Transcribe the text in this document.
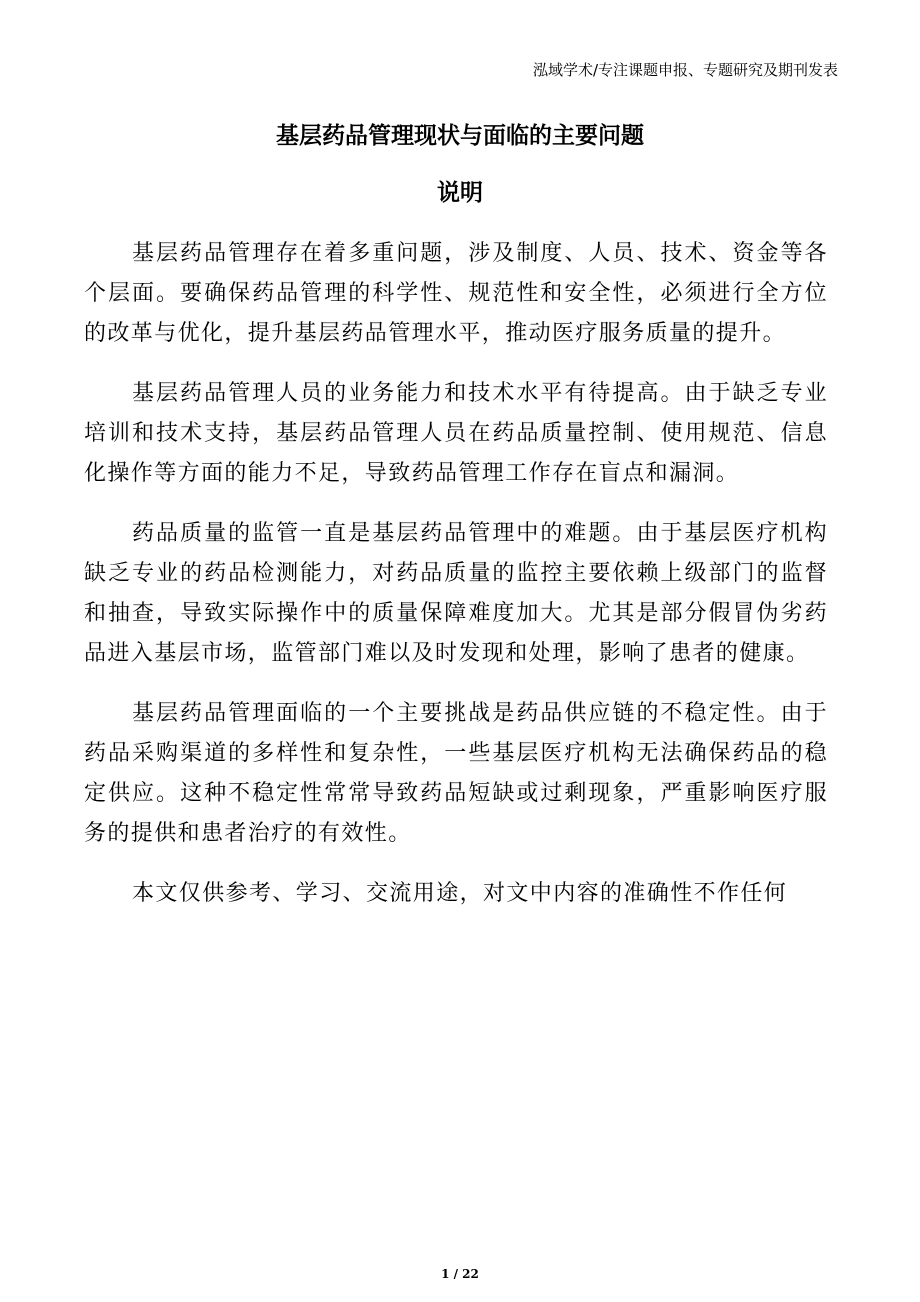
泓域学术/专注课题申报、专题研究及期刊发表
基层药品管理现状与面临的主要问题
说明

基层药品管理存在着多重问题，涉及制度、人员、技术、资金等各个层面。要确保药品管理的科学性、规范性和安全性，必须进行全方位的改革与优化，提升基层药品管理水平，推动医疗服务质量的提升。

基层药品管理人员的业务能力和技术水平有待提高。由于缺乏专业培训和技术支持，基层药品管理人员在药品质量控制、使用规范、信息化操作等方面的能力不足，导致药品管理工作存在盲点和漏洞。

药品质量的监管一直是基层药品管理中的难题。由于基层医疗机构缺乏专业的药品检测能力，对药品质量的监控主要依赖上级部门的监督和抽查，导致实际操作中的质量保障难度加大。尤其是部分假冒伪劣药品进入基层市场，监管部门难以及时发现和处理，影响了患者的健康。

基层药品管理面临的一个主要挑战是药品供应链的不稳定性。由于药品采购渠道的多样性和复杂性，一些基层医疗机构无法确保药品的稳定供应。这种不稳定性常常导致药品短缺或过剩现象，严重影响医疗服务的提供和患者治疗的有效性。

本文仅供参考、学习、交流用途，对文中内容的准确性不作任何

1 / 22
